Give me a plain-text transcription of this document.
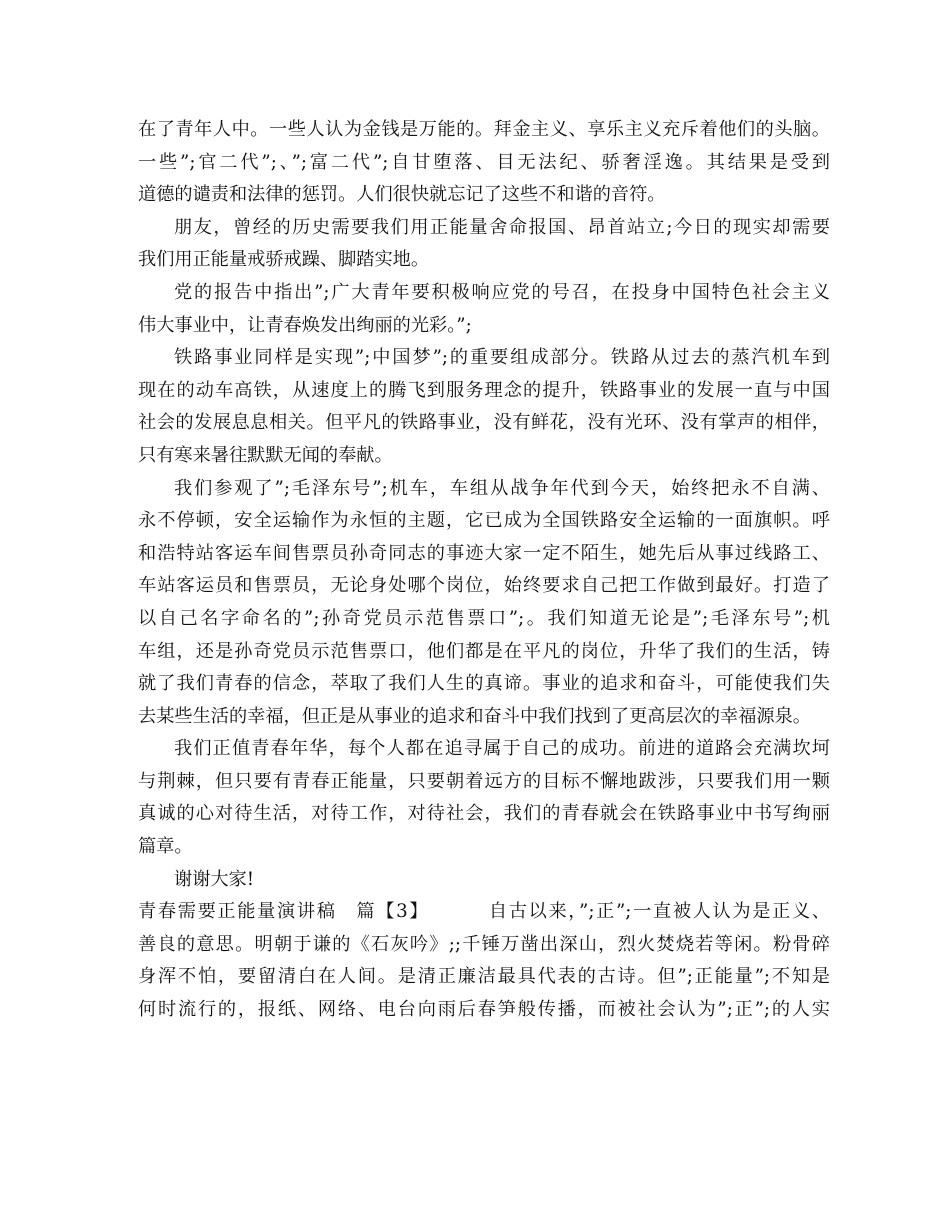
在了青年人中。一些人认为金钱是万能的。拜金主义、享乐主义充斥着他们的头脑。
一些”;官二代”;、”;富二代”;自甘堕落、目无法纪、骄奢淫逸。其结果是受到
道德的谴责和法律的惩罚。人们很快就忘记了这些不和谐的音符。
朋友，曾经的历史需要我们用正能量舍命报国、昂首站立;今日的现实却需要
我们用正能量戒骄戒躁、脚踏实地。
党的报告中指出”;广大青年要积极响应党的号召，在投身中国特色社会主义
伟大事业中，让青春焕发出绚丽的光彩。”;
铁路事业同样是实现”;中国梦”;的重要组成部分。铁路从过去的蒸汽机车到
现在的动车高铁，从速度上的腾飞到服务理念的提升，铁路事业的发展一直与中国
社会的发展息息相关。但平凡的铁路事业，没有鲜花，没有光环、没有掌声的相伴，
只有寒来暑往默默无闻的奉献。
我们参观了”;毛泽东号”;机车，车组从战争年代到今天，始终把永不自满、
永不停顿，安全运输作为永恒的主题，它已成为全国铁路安全运输的一面旗帜。呼
和浩特站客运车间售票员孙奇同志的事迹大家一定不陌生，她先后从事过线路工、
车站客运员和售票员，无论身处哪个岗位，始终要求自己把工作做到最好。打造了
以自己名字命名的”;孙奇党员示范售票口”;。我们知道无论是”;毛泽东号”;机
车组，还是孙奇党员示范售票口，他们都是在平凡的岗位，升华了我们的生活，铸
就了我们青春的信念，萃取了我们人生的真谛。事业的追求和奋斗，可能使我们失
去某些生活的幸福，但正是从事业的追求和奋斗中我们找到了更高层次的幸福源泉。
我们正值青春年华，每个人都在追寻属于自己的成功。前进的道路会充满坎坷
与荆棘，但只要有青春正能量，只要朝着远方的目标不懈地跋涉，只要我们用一颗
真诚的心对待生活，对待工作，对待社会，我们的青春就会在铁路事业中书写绚丽
篇章。
谢谢大家!
青春需要正能量演讲稿　篇【3】	自古以来，”;正”;一直被人认为是正义、
善良的意思。明朝于谦的《石灰吟》;;千锤万凿出深山，烈火焚烧若等闲。粉骨碎
身浑不怕，要留清白在人间。是清正廉洁最具代表的古诗。但”;正能量”;不知是
何时流行的，报纸、网络、电台向雨后春笋般传播，而被社会认为”;正”;的人实
